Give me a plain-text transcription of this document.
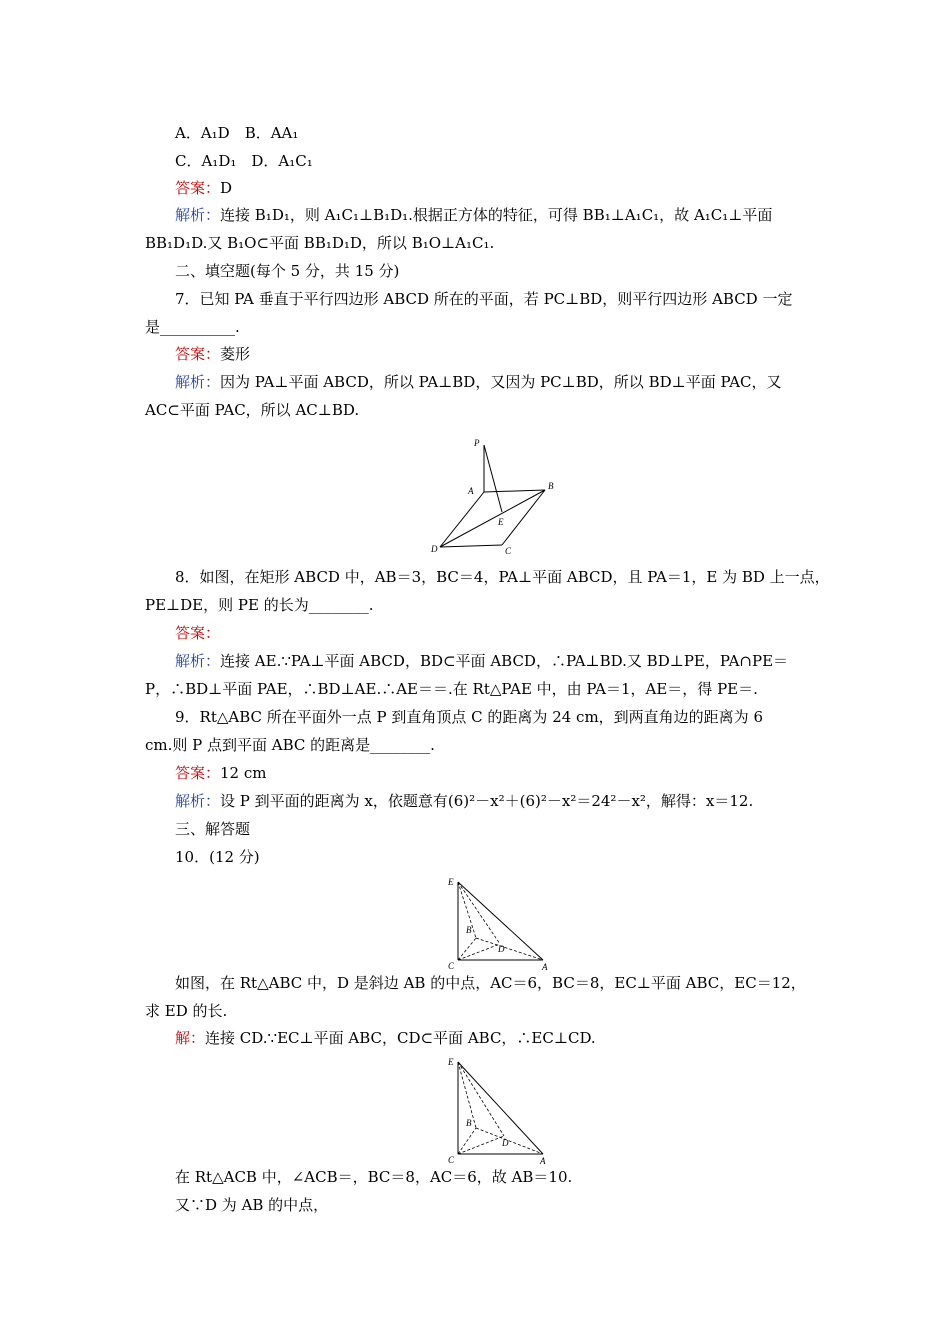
A．A₁D　B．AA₁
C．A₁D₁　D．A₁C₁
答案：D
解析：连接 B₁D₁，则 A₁C₁⊥B₁D₁.根据正方体的特征，可得 BB₁⊥A₁C₁，故 A₁C₁⊥平面
BB₁D₁D.又 B₁O⊂平面 BB₁D₁D，所以 B₁O⊥A₁C₁.
二、填空题(每个 5 分，共 15 分)
7．已知 PA 垂直于平行四边形 ABCD 所在的平面，若 PC⊥BD，则平行四边形 ABCD 一定
是__________.
答案：菱形
解析：因为 PA⊥平面 ABCD，所以 PA⊥BD，又因为 PC⊥BD，所以 BD⊥平面 PAC，又
AC⊂平面 PAC，所以 AC⊥BD.
P
A	B
E
D	C
8．如图，在矩形 ABCD 中，AB＝3，BC＝4，PA⊥平面 ABCD，且 PA＝1，E 为 BD 上一点，
PE⊥DE，则 PE 的长为________.
答案：
解析：连接 AE.∵PA⊥平面 ABCD，BD⊂平面 ABCD，∴PA⊥BD.又 BD⊥PE，PA∩PE＝
P，∴BD⊥平面 PAE，∴BD⊥AE.∴AE＝＝.在 Rt△PAE 中，由 PA＝1，AE＝，得 PE＝.
9．Rt△ABC 所在平面外一点 P 到直角顶点 C 的距离为 24 cm，到两直角边的距离为 6
cm.则 P 点到平面 ABC 的距离是________.
答案：12 cm
解析：设 P 到平面的距离为 x，依题意有(6)²－x²＋(6)²－x²＝24²－x²，解得：x＝12.
三、解答题
10．(12 分)
E
B
D
C	A
如图，在 Rt△ABC 中，D 是斜边 AB 的中点，AC＝6，BC＝8，EC⊥平面 ABC，EC＝12，
求 ED 的长.
解：连接 CD.∵EC⊥平面 ABC，CD⊂平面 ABC，∴EC⊥CD.
E
B
D
C	A
在 Rt△ACB 中，∠ACB＝，BC＝8，AC＝6，故 AB＝10.
又∵D 为 AB 的中点，
